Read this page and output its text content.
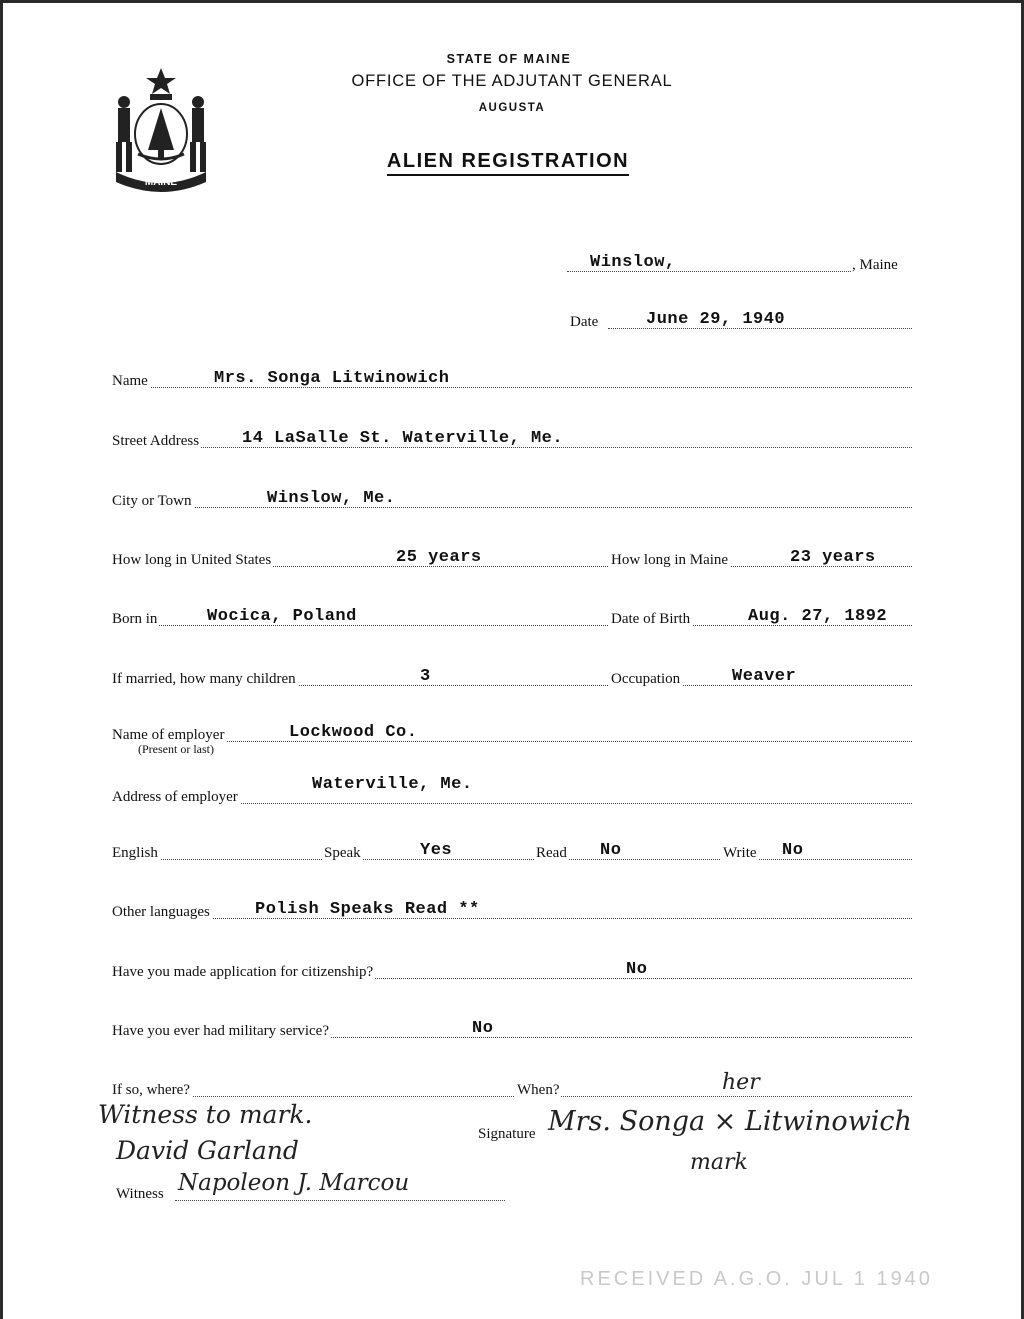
MAINE
STATE OF MAINE
OFFICE OF THE ADJUTANT GENERAL
AUGUSTA
ALIEN REGISTRATION
Winslow,	, Maine
Date	June 29, 1940
Name	Mrs. Songa Litwinowich
Street Address	14 LaSalle St. Waterville, Me.
City or Town	Winslow, Me.
How long in United States	25 years	How long in Maine	23 years
Born in	Wocica, Poland	Date of Birth	Aug. 27, 1892
If married, how many children	3	Occupation	Weaver
Name of employer	Lockwood Co.
(Present or last)
Address of employer
Waterville, Me.
English	Speak	Yes	Read No	Write No
Other languages	Polish Speaks Read **
Have you made application for citizenship?	No
Have you ever had military service?	No
If so, where?	When?
Signature Mrs. Songa × Litwinowich
her
mark
Witness to mark.
David Garland
Witness Napoleon J. Marcou
RECEIVED A.G.O. JUL 1 1940
